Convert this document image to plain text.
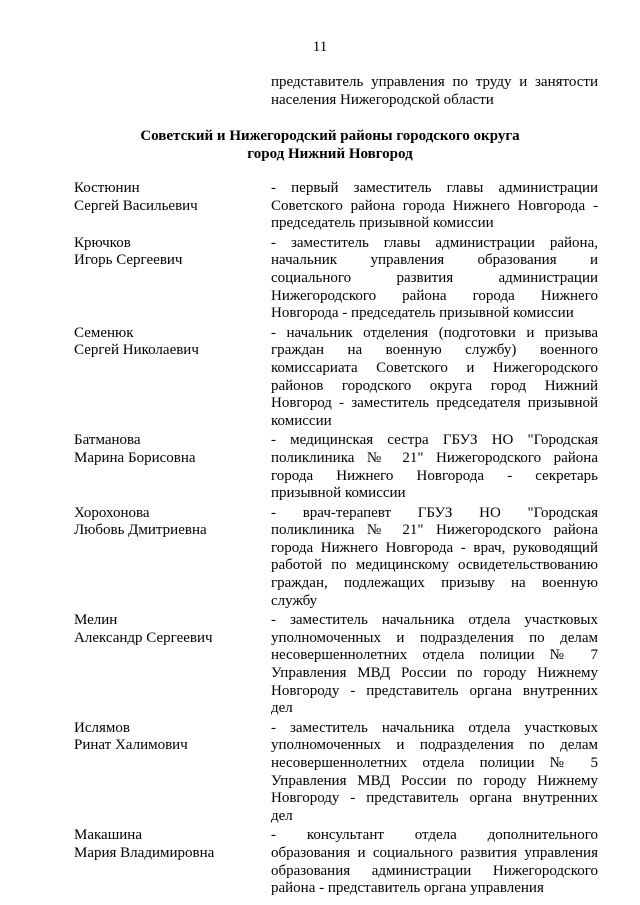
11
представитель управления по труду и занятости
населения Нижегородской области
Советский и Нижегородский районы городского округа
город Нижний Новгород
Костюнин
Сергей Васильевич
- первый заместитель главы администрации
Советского района города Нижнего Новгорода -
председатель призывной комиссии
Крючков
Игорь Сергеевич
- заместитель главы администрации района,
начальник управления образования и
социального развития администрации
Нижегородского района города Нижнего
Новгорода - председатель призывной комиссии
Семенюк
Сергей Николаевич
- начальник отделения (подготовки и призыва
граждан на военную службу) военного
комиссариата Советского и Нижегородского
районов городского округа город Нижний
Новгород - заместитель председателя призывной
комиссии
Батманова
Марина Борисовна
- медицинская сестра ГБУЗ НО "Городская
поликлиника № 21" Нижегородского района
города Нижнего Новгорода - секретарь
призывной комиссии
Хорохонова
Любовь Дмитриевна
- врач-терапевт ГБУЗ НО "Городская
поликлиника № 21" Нижегородского района
города Нижнего Новгорода - врач, руководящий
работой по медицинскому освидетельствованию
граждан, подлежащих призыву на военную
службу
Мелин
Александр Сергеевич
- заместитель начальника отдела участковых
уполномоченных и подразделения по делам
несовершеннолетних отдела полиции № 7
Управления МВД России по городу Нижнему
Новгороду - представитель органа внутренних
дел
Ислямов
Ринат Халимович
- заместитель начальника отдела участковых
уполномоченных и подразделения по делам
несовершеннолетних отдела полиции № 5
Управления МВД России по городу Нижнему
Новгороду - представитель органа внутренних
дел
Макашина
Мария Владимировна
- консультант отдела дополнительного
образования и социального развития управления
образования администрации Нижегородского
района - представитель органа управления
